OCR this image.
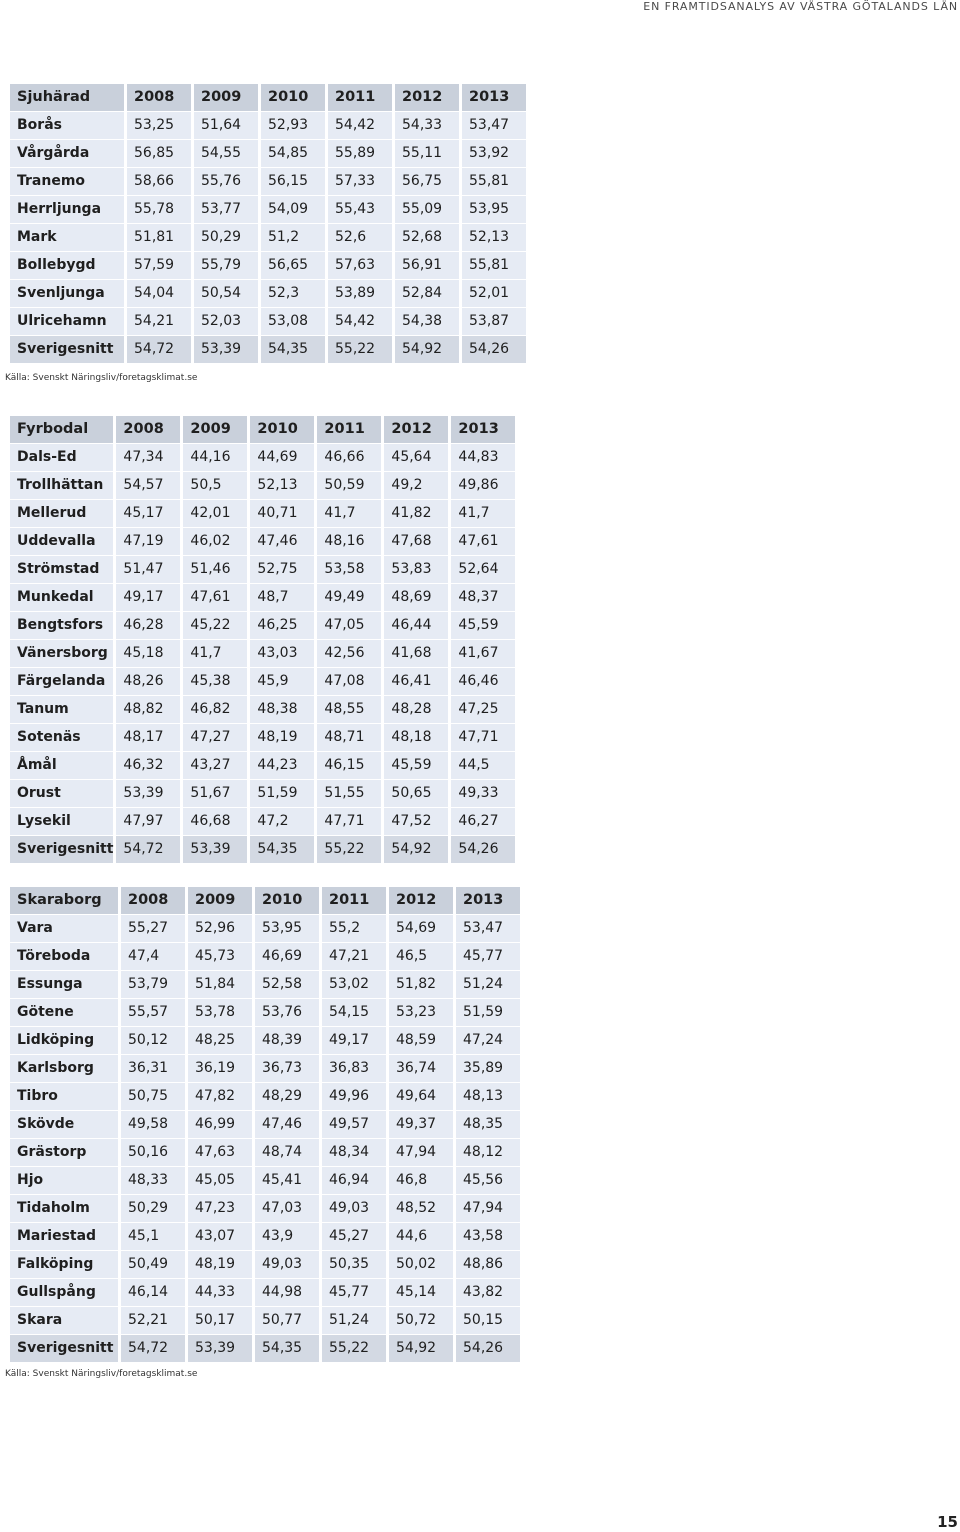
EN FRAMTIDSANALYS AV VÄSTRA GÖTALANDS LÄN
Sjuhärad	2008	2009	2010	2011	2012	2013
Borås	53,25	51,64	52,93	54,42	54,33	53,47
Vårgårda	56,85	54,55	54,85	55,89	55,11	53,92
Tranemo	58,66	55,76	56,15	57,33	56,75	55,81
Herrljunga	55,78	53,77	54,09	55,43	55,09	53,95
Mark	51,81	50,29	51,2	52,6	52,68	52,13
Bollebygd	57,59	55,79	56,65	57,63	56,91	55,81
Svenljunga	54,04	50,54	52,3	53,89	52,84	52,01
Ulricehamn	54,21	52,03	53,08	54,42	54,38	53,87
Sverigesnitt	54,72	53,39	54,35	55,22	54,92	54,26
Källa: Svenskt Näringsliv/foretagsklimat.se
Fyrbodal	2008	2009	2010	2011	2012	2013
Dals-Ed	47,34	44,16	44,69	46,66	45,64	44,83
Trollhättan	54,57	50,5	52,13	50,59	49,2	49,86
Mellerud	45,17	42,01	40,71	41,7	41,82	41,7
Uddevalla	47,19	46,02	47,46	48,16	47,68	47,61
Strömstad	51,47	51,46	52,75	53,58	53,83	52,64
Munkedal	49,17	47,61	48,7	49,49	48,69	48,37
Bengtsfors	46,28	45,22	46,25	47,05	46,44	45,59
Vänersborg	45,18	41,7	43,03	42,56	41,68	41,67
Färgelanda	48,26	45,38	45,9	47,08	46,41	46,46
Tanum	48,82	46,82	48,38	48,55	48,28	47,25
Sotenäs	48,17	47,27	48,19	48,71	48,18	47,71
Åmål	46,32	43,27	44,23	46,15	45,59	44,5
Orust	53,39	51,67	51,59	51,55	50,65	49,33
Lysekil	47,97	46,68	47,2	47,71	47,52	46,27
Sverigesnitt	54,72	53,39	54,35	55,22	54,92	54,26
Skaraborg	2008	2009	2010	2011	2012	2013
Vara	55,27	52,96	53,95	55,2	54,69	53,47
Töreboda	47,4	45,73	46,69	47,21	46,5	45,77
Essunga	53,79	51,84	52,58	53,02	51,82	51,24
Götene	55,57	53,78	53,76	54,15	53,23	51,59
Lidköping	50,12	48,25	48,39	49,17	48,59	47,24
Karlsborg	36,31	36,19	36,73	36,83	36,74	35,89
Tibro	50,75	47,82	48,29	49,96	49,64	48,13
Skövde	49,58	46,99	47,46	49,57	49,37	48,35
Grästorp	50,16	47,63	48,74	48,34	47,94	48,12
Hjo	48,33	45,05	45,41	46,94	46,8	45,56
Tidaholm	50,29	47,23	47,03	49,03	48,52	47,94
Mariestad	45,1	43,07	43,9	45,27	44,6	43,58
Falköping	50,49	48,19	49,03	50,35	50,02	48,86
Gullspång	46,14	44,33	44,98	45,77	45,14	43,82
Skara	52,21	50,17	50,77	51,24	50,72	50,15
Sverigesnitt	54,72	53,39	54,35	55,22	54,92	54,26
Källa: Svenskt Näringsliv/foretagsklimat.se
15
